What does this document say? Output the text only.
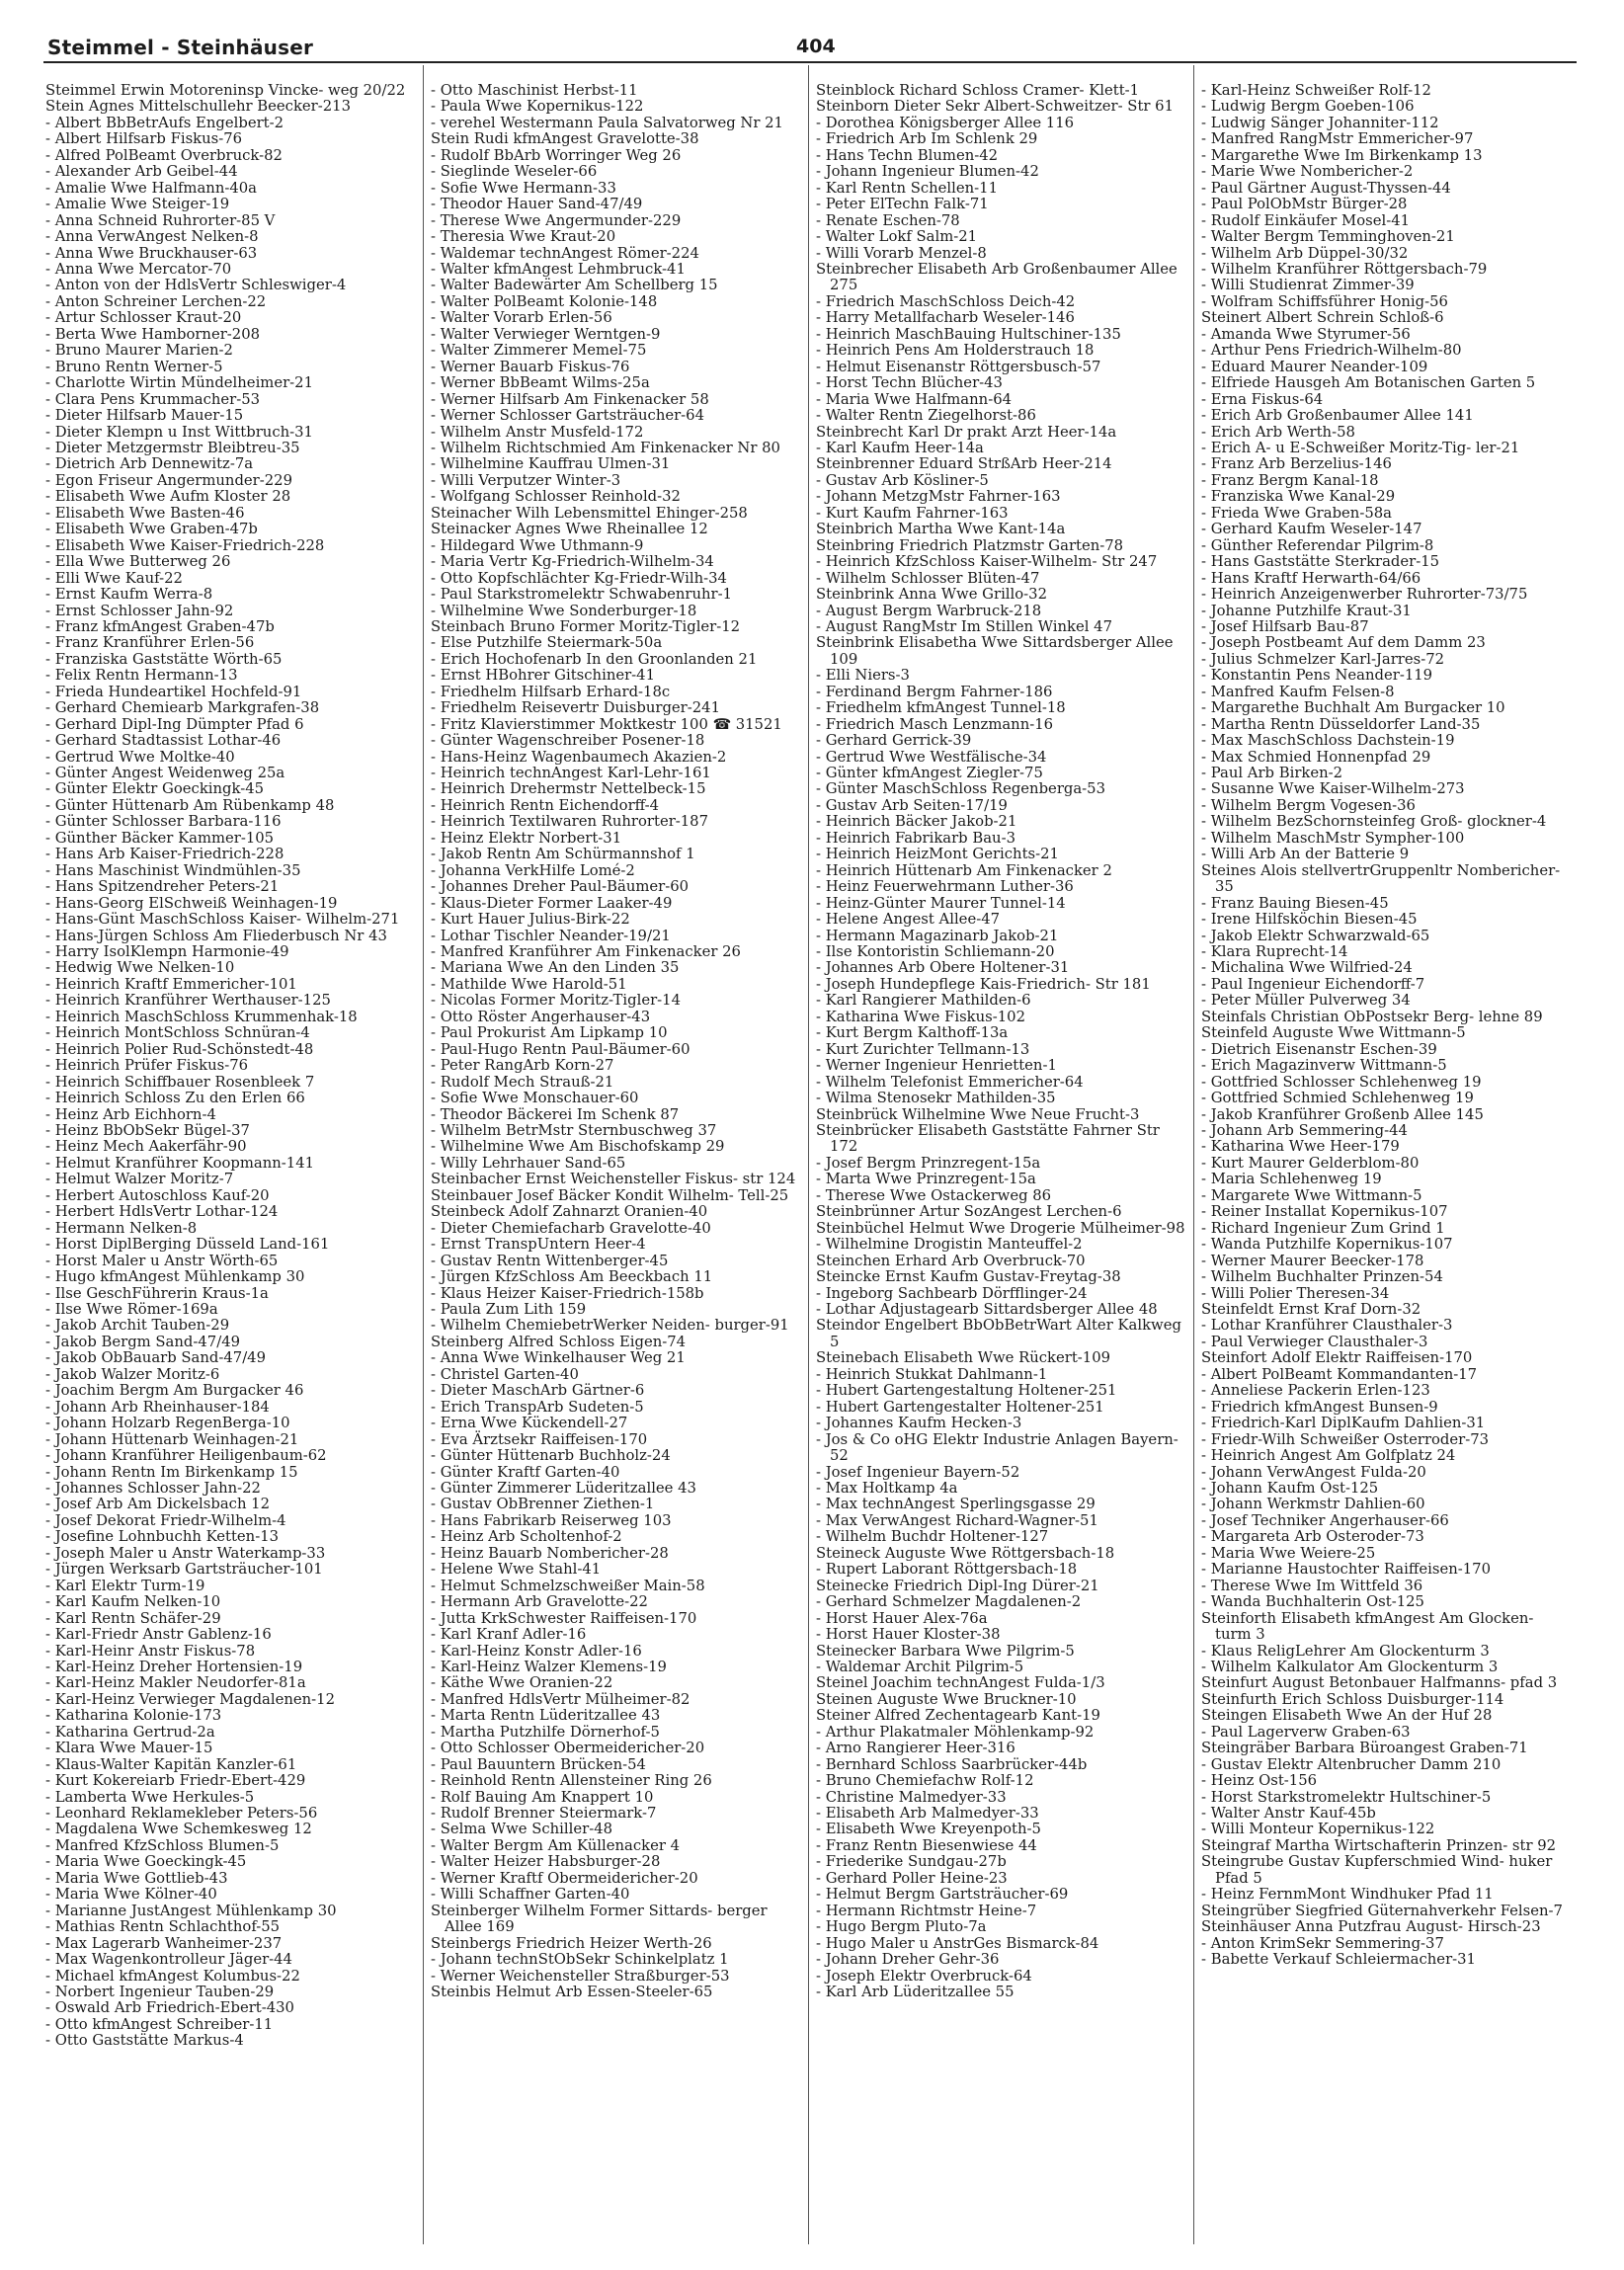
Steimmel - Steinhäuser	404
Steimmel Erwin Motoreninsp Vincke- weg 20/22
Stein Agnes Mittelschullehr Beecker-213
- Albert BbBetrAufs Engelbert-2
- Albert Hilfsarb Fiskus-76
- Alfred PolBeamt Overbruck-82
- Alexander Arb Geibel-44
- Amalie Wwe Halfmann-40a
- Amalie Wwe Steiger-19
- Anna Schneid Ruhrorter-85 V
- Anna VerwAngest Nelken-8
- Anna Wwe Bruckhauser-63
- Anna Wwe Mercator-70
- Anton von der HdlsVertr Schleswiger-4
- Anton Schreiner Lerchen-22
- Artur Schlosser Kraut-20
- Berta Wwe Hamborner-208
- Bruno Maurer Marien-2
- Bruno Rentn Werner-5
- Charlotte Wirtin Mündelheimer-21
- Clara Pens Krummacher-53
- Dieter Hilfsarb Mauer-15
- Dieter Klempn u Inst Wittbruch-31
- Dieter Metzgermstr Bleibtreu-35
- Dietrich Arb Dennewitz-7a
- Egon Friseur Angermunder-229
- Elisabeth Wwe Aufm Kloster 28
- Elisabeth Wwe Basten-46
- Elisabeth Wwe Graben-47b
- Elisabeth Wwe Kaiser-Friedrich-228
- Ella Wwe Butterweg 26
- Elli Wwe Kauf-22
- Ernst Kaufm Werra-8
- Ernst Schlosser Jahn-92
- Franz kfmAngest Graben-47b
- Franz Kranführer Erlen-56
- Franziska Gaststätte Wörth-65
- Felix Rentn Hermann-13
- Frieda Hundeartikel Hochfeld-91
- Gerhard Chemiearb Markgrafen-38
- Gerhard Dipl-Ing Dümpter Pfad 6
- Gerhard Stadtassist Lothar-46
- Gertrud Wwe Moltke-40
- Günter Angest Weidenweg 25a
- Günter Elektr Goeckingk-45
- Günter Hüttenarb Am Rübenkamp 48
- Günter Schlosser Barbara-116
- Günther Bäcker Kammer-105
- Hans Arb Kaiser-Friedrich-228
- Hans Maschinist Windmühlen-35
- Hans Spitzendreher Peters-21
- Hans-Georg ElSchweiß Weinhagen-19
- Hans-Günt MaschSchloss Kaiser- Wilhelm-271
- Hans-Jürgen Schloss Am Fliederbusch Nr 43
- Harry IsolKlempn Harmonie-49
- Hedwig Wwe Nelken-10
- Heinrich Kraftf Emmericher-101
- Heinrich Kranführer Werthauser-125
- Heinrich MaschSchloss Krummenhak-18
- Heinrich MontSchloss Schnüran-4
- Heinrich Polier Rud-Schönstedt-48
- Heinrich Prüfer Fiskus-76
- Heinrich Schiffbauer Rosenbleek 7
- Heinrich Schloss Zu den Erlen 66
- Heinz Arb Eichhorn-4
- Heinz BbObSekr Bügel-37
- Heinz Mech Aakerfähr-90
- Helmut Kranführer Koopmann-141
- Helmut Walzer Moritz-7
- Herbert Autoschloss Kauf-20
- Herbert HdlsVertr Lothar-124
- Hermann Nelken-8
- Horst DiplBerging Düsseld Land-161
- Horst Maler u Anstr Wörth-65
- Hugo kfmAngest Mühlenkamp 30
- Ilse GeschFührerin Kraus-1a
- Ilse Wwe Römer-169a
- Jakob Archit Tauben-29
- Jakob Bergm Sand-47/49
- Jakob ObBauarb Sand-47/49
- Jakob Walzer Moritz-6
- Joachim Bergm Am Burgacker 46
- Johann Arb Rheinhauser-184
- Johann Holzarb RegenBerga-10
- Johann Hüttenarb Weinhagen-21
- Johann Kranführer Heiligenbaum-62
- Johann Rentn Im Birkenkamp 15
- Johannes Schlosser Jahn-22
- Josef Arb Am Dickelsbach 12
- Josef Dekorat Friedr-Wilhelm-4
- Josefine Lohnbuchh Ketten-13
- Joseph Maler u Anstr Waterkamp-33
- Jürgen Werksarb Gartsträucher-101
- Karl Elektr Turm-19
- Karl Kaufm Nelken-10
- Karl Rentn Schäfer-29
- Karl-Friedr Anstr Gablenz-16
- Karl-Heinr Anstr Fiskus-78
- Karl-Heinz Dreher Hortensien-19
- Karl-Heinz Makler Neudorfer-81a
- Karl-Heinz Verwieger Magdalenen-12
- Katharina Kolonie-173
- Katharina Gertrud-2a
- Klara Wwe Mauer-15
- Klaus-Walter Kapitän Kanzler-61
- Kurt Kokereiarb Friedr-Ebert-429
- Lamberta Wwe Herkules-5
- Leonhard Reklamekleber Peters-56
- Magdalena Wwe Schemkesweg 12
- Manfred KfzSchloss Blumen-5
- Maria Wwe Goeckingk-45
- Maria Wwe Gottlieb-43
- Maria Wwe Kölner-40
- Marianne JustAngest Mühlenkamp 30
- Mathias Rentn Schlachthof-55
- Max Lagerarb Wanheimer-237
- Max Wagenkontrolleur Jäger-44
- Michael kfmAngest Kolumbus-22
- Norbert Ingenieur Tauben-29
- Oswald Arb Friedrich-Ebert-430
- Otto kfmAngest Schreiber-11
- Otto Gaststätte Markus-4
- Otto Maschinist Herbst-11
- Paula Wwe Kopernikus-122
- verehel Westermann Paula Salvatorweg Nr 21
Stein Rudi kfmAngest Gravelotte-38
- Rudolf BbArb Worringer Weg 26
- Sieglinde Weseler-66
- Sofie Wwe Hermann-33
- Theodor Hauer Sand-47/49
- Therese Wwe Angermunder-229
- Theresia Wwe Kraut-20
- Waldemar technAngest Römer-224
- Walter kfmAngest Lehmbruck-41
- Walter Badewärter Am Schellberg 15
- Walter PolBeamt Kolonie-148
- Walter Vorarb Erlen-56
- Walter Verwieger Werntgen-9
- Walter Zimmerer Memel-75
- Werner Bauarb Fiskus-76
- Werner BbBeamt Wilms-25a
- Werner Hilfsarb Am Finkenacker 58
- Werner Schlosser Gartsträucher-64
- Wilhelm Anstr Musfeld-172
- Wilhelm Richtschmied Am Finkenacker Nr 80
- Wilhelmine Kauffrau Ulmen-31
- Willi Verputzer Winter-3
- Wolfgang Schlosser Reinhold-32
Steinacher Wilh Lebensmittel Ehinger-258
Steinacker Agnes Wwe Rheinallee 12
- Hildegard Wwe Uthmann-9
- Maria Vertr Kg-Friedrich-Wilhelm-34
- Otto Kopfschlächter Kg-Friedr-Wilh-34
- Paul Starkstromelektr Schwabenruhr-1
- Wilhelmine Wwe Sonderburger-18
Steinbach Bruno Former Moritz-Tigler-12
- Else Putzhilfe Steiermark-50a
- Erich Hochofenarb In den Groonlanden 21
- Ernst HBohrer Gitschiner-41
- Friedhelm Hilfsarb Erhard-18c
- Friedhelm Reisevertr Duisburger-241
- Fritz Klavierstimmer Moktkestr 100 ☎ 31521
- Günter Wagenschreiber Posener-18
- Hans-Heinz Wagenbaumech Akazien-2
- Heinrich technAngest Karl-Lehr-161
- Heinrich Drehermstr Nettelbeck-15
- Heinrich Rentn Eichendorff-4
- Heinrich Textilwaren Ruhrorter-187
- Heinz Elektr Norbert-31
- Jakob Rentn Am Schürmannshof 1
- Johanna VerkHilfe Lomé-2
- Johannes Dreher Paul-Bäumer-60
- Klaus-Dieter Former Laaker-49
- Kurt Hauer Julius-Birk-22
- Lothar Tischler Neander-19/21
- Manfred Kranführer Am Finkenacker 26
- Mariana Wwe An den Linden 35
- Mathilde Wwe Harold-51
- Nicolas Former Moritz-Tigler-14
- Otto Röster Angerhauser-43
- Paul Prokurist Am Lipkamp 10
- Paul-Hugo Rentn Paul-Bäumer-60
- Peter RangArb Korn-27
- Rudolf Mech Strauß-21
- Sofie Wwe Monschauer-60
- Theodor Bäckerei Im Schenk 87
- Wilhelm BetrMstr Sternbuschweg 37
- Wilhelmine Wwe Am Bischofskamp 29
- Willy Lehrhauer Sand-65
Steinbacher Ernst Weichensteller Fiskus- str 124
Steinbauer Josef Bäcker Kondit Wilhelm- Tell-25
Steinbeck Adolf Zahnarzt Oranien-40
- Dieter Chemiefacharb Gravelotte-40
- Ernst TranspUntern Heer-4
- Gustav Rentn Wittenberger-45
- Jürgen KfzSchloss Am Beeckbach 11
- Klaus Heizer Kaiser-Friedrich-158b
- Paula Zum Lith 159
- Wilhelm ChemiebetrWerker Neiden- burger-91
Steinberg Alfred Schloss Eigen-74
- Anna Wwe Winkelhauser Weg 21
- Christel Garten-40
- Dieter MaschArb Gärtner-6
- Erich TranspArb Sudeten-5
- Erna Wwe Kückendell-27
- Eva Ärztsekr Raiffeisen-170
- Günter Hüttenarb Buchholz-24
- Günter Kraftf Garten-40
- Günter Zimmerer Lüderitzallee 43
- Gustav ObBrenner Ziethen-1
- Hans Fabrikarb Reiserweg 103
- Heinz Arb Scholtenhof-2
- Heinz Bauarb Nombericher-28
- Helene Wwe Stahl-41
- Helmut Schmelzschweißer Main-58
- Hermann Arb Gravelotte-22
- Jutta KrkSchwester Raiffeisen-170
- Karl Kranf Adler-16
- Karl-Heinz Konstr Adler-16
- Karl-Heinz Walzer Klemens-19
- Käthe Wwe Oranien-22
- Manfred HdlsVertr Mülheimer-82
- Marta Rentn Lüderitzallee 43
- Martha Putzhilfe Dörnerhof-5
- Otto Schlosser Obermeidericher-20
- Paul Bauuntern Brücken-54
- Reinhold Rentn Allensteiner Ring 26
- Rolf Bauing Am Knappert 10
- Rudolf Brenner Steiermark-7
- Selma Wwe Schiller-48
- Walter Bergm Am Küllenacker 4
- Walter Heizer Habsburger-28
- Werner Kraftf Obermeidericher-20
- Willi Schaffner Garten-40
Steinberger Wilhelm Former Sittards- berger Allee 169
Steinbergs Friedrich Heizer Werth-26
- Johann technStObSekr Schinkelplatz 1
- Werner Weichensteller Straßburger-53
Steinbis Helmut Arb Essen-Steeler-65
Steinblock Richard Schloss Cramer- Klett-1
Steinborn Dieter Sekr Albert-Schweitzer- Str 61
- Dorothea Königsberger Allee 116
- Friedrich Arb Im Schlenk 29
- Hans Techn Blumen-42
- Johann Ingenieur Blumen-42
- Karl Rentn Schellen-11
- Peter ElTechn Falk-71
- Renate Eschen-78
- Walter Lokf Salm-21
- Willi Vorarb Menzel-8
Steinbrecher Elisabeth Arb Großenbaumer Allee 275
- Friedrich MaschSchloss Deich-42
- Harry Metallfacharb Weseler-146
- Heinrich MaschBauing Hultschiner-135
- Heinrich Pens Am Holderstrauch 18
- Helmut Eisenanstr Röttgersbusch-57
- Horst Techn Blücher-43
- Maria Wwe Halfmann-64
- Walter Rentn Ziegelhorst-86
Steinbrecht Karl Dr prakt Arzt Heer-14a
- Karl Kaufm Heer-14a
Steinbrenner Eduard StrßArb Heer-214
- Gustav Arb Kösliner-5
- Johann MetzgMstr Fahrner-163
- Kurt Kaufm Fahrner-163
Steinbrich Martha Wwe Kant-14a
Steinbring Friedrich Platzmstr Garten-78
- Heinrich KfzSchloss Kaiser-Wilhelm- Str 247
- Wilhelm Schlosser Blüten-47
Steinbrink Anna Wwe Grillo-32
- August Bergm Warbruck-218
- August RangMstr Im Stillen Winkel 47
Steinbrink Elisabetha Wwe Sittardsberger Allee 109
- Elli Niers-3
- Ferdinand Bergm Fahrner-186
- Friedhelm kfmAngest Tunnel-18
- Friedrich Masch Lenzmann-16
- Gerhard Gerrick-39
- Gertrud Wwe Westfälische-34
- Günter kfmAngest Ziegler-75
- Günter MaschSchloss Regenberga-53
- Gustav Arb Seiten-17/19
- Heinrich Bäcker Jakob-21
- Heinrich Fabrikarb Bau-3
- Heinrich HeizMont Gerichts-21
- Heinrich Hüttenarb Am Finkenacker 2
- Heinz Feuerwehrmann Luther-36
- Heinz-Günter Maurer Tunnel-14
- Helene Angest Allee-47
- Hermann Magazinarb Jakob-21
- Ilse Kontoristin Schliemann-20
- Johannes Arb Obere Holtener-31
- Joseph Hundepflege Kais-Friedrich- Str 181
- Karl Rangierer Mathilden-6
- Katharina Wwe Fiskus-102
- Kurt Bergm Kalthoff-13a
- Kurt Zurichter Tellmann-13
- Werner Ingenieur Henrietten-1
- Wilhelm Telefonist Emmericher-64
- Wilma Stenosekr Mathilden-35
Steinbrück Wilhelmine Wwe Neue Frucht-3
Steinbrücker Elisabeth Gaststätte Fahrner Str 172
- Josef Bergm Prinzregent-15a
- Marta Wwe Prinzregent-15a
- Therese Wwe Ostackerweg 86
Steinbrünner Artur SozAngest Lerchen-6
Steinbüchel Helmut Wwe Drogerie Mülheimer-98
- Wilhelmine Drogistin Manteuffel-2
Steinchen Erhard Arb Overbruck-70
Steincke Ernst Kaufm Gustav-Freytag-38
- Ingeborg Sachbearb Dörfflinger-24
- Lothar Adjustagearb Sittardsberger Allee 48
Steindor Engelbert BbObBetrWart Alter Kalkweg 5
Steinebach Elisabeth Wwe Rückert-109
- Heinrich Stukkat Dahlmann-1
- Hubert Gartengestaltung Holtener-251
- Hubert Gartengestalter Holtener-251
- Johannes Kaufm Hecken-3
- Jos & Co oHG Elektr Industrie Anlagen Bayern-52
- Josef Ingenieur Bayern-52
- Max Holtkamp 4a
- Max technAngest Sperlingsgasse 29
- Max VerwAngest Richard-Wagner-51
- Wilhelm Buchdr Holtener-127
Steineck Auguste Wwe Röttgersbach-18
- Rupert Laborant Röttgersbach-18
Steinecke Friedrich Dipl-Ing Dürer-21
- Gerhard Schmelzer Magdalenen-2
- Horst Hauer Alex-76a
- Horst Hauer Kloster-38
Steinecker Barbara Wwe Pilgrim-5
- Waldemar Archit Pilgrim-5
Steinel Joachim technAngest Fulda-1/3
Steinen Auguste Wwe Bruckner-10
Steiner Alfred Zechentagearb Kant-19
- Arthur Plakatmaler Möhlenkamp-92
- Arno Rangierer Heer-316
- Bernhard Schloss Saarbrücker-44b
- Bruno Chemiefachw Rolf-12
- Christine Malmedyer-33
- Elisabeth Arb Malmedyer-33
- Elisabeth Wwe Kreyenpoth-5
- Franz Rentn Biesenwiese 44
- Friederike Sundgau-27b
- Gerhard Poller Heine-23
- Helmut Bergm Gartsträucher-69
- Hermann Richtmstr Heine-7
- Hugo Bergm Pluto-7a
- Hugo Maler u AnstrGes Bismarck-84
- Johann Dreher Gehr-36
- Joseph Elektr Overbruck-64
- Karl Arb Lüderitzallee 55
- Karl-Heinz Schweißer Rolf-12
- Ludwig Bergm Goeben-106
- Ludwig Sänger Johanniter-112
- Manfred RangMstr Emmericher-97
- Margarethe Wwe Im Birkenkamp 13
- Marie Wwe Nombericher-2
- Paul Gärtner August-Thyssen-44
- Paul PolObMstr Bürger-28
- Rudolf Einkäufer Mosel-41
- Walter Bergm Temminghoven-21
- Wilhelm Arb Düppel-30/32
- Wilhelm Kranführer Röttgersbach-79
- Willi Studienrat Zimmer-39
- Wolfram Schiffsführer Honig-56
Steinert Albert Schrein Schloß-6
- Amanda Wwe Styrumer-56
- Arthur Pens Friedrich-Wilhelm-80
- Eduard Maurer Neander-109
- Elfriede Hausgeh Am Botanischen Garten 5
- Erna Fiskus-64
- Erich Arb Großenbaumer Allee 141
- Erich Arb Werth-58
- Erich A- u E-Schweißer Moritz-Tig- ler-21
- Franz Arb Berzelius-146
- Franz Bergm Kanal-18
- Franziska Wwe Kanal-29
- Frieda Wwe Graben-58a
- Gerhard Kaufm Weseler-147
- Günther Referendar Pilgrim-8
- Hans Gaststätte Sterkrader-15
- Hans Kraftf Herwarth-64/66
- Heinrich Anzeigenwerber Ruhrorter-73/75
- Johanne Putzhilfe Kraut-31
- Josef Hilfsarb Bau-87
- Joseph Postbeamt Auf dem Damm 23
- Julius Schmelzer Karl-Jarres-72
- Konstantin Pens Neander-119
- Manfred Kaufm Felsen-8
- Margarethe Buchhalt Am Burgacker 10
- Martha Rentn Düsseldorfer Land-35
- Max MaschSchloss Dachstein-19
- Max Schmied Honnenpfad 29
- Paul Arb Birken-2
- Susanne Wwe Kaiser-Wilhelm-273
- Wilhelm Bergm Vogesen-36
- Wilhelm BezSchornsteinfeg Groß- glockner-4
- Wilhelm MaschMstr Sympher-100
- Willi Arb An der Batterie 9
Steines Alois stellvertrGruppenltr Nombericher-35
- Franz Bauing Biesen-45
- Irene Hilfsköchin Biesen-45
- Jakob Elektr Schwarzwald-65
- Klara Ruprecht-14
- Michalina Wwe Wilfried-24
- Paul Ingenieur Eichendorff-7
- Peter Müller Pulverweg 34
Steinfals Christian ObPostsekr Berg- lehne 89
Steinfeld Auguste Wwe Wittmann-5
- Dietrich Eisenanstr Eschen-39
- Erich Magazinverw Wittmann-5
- Gottfried Schlosser Schlehenweg 19
- Gottfried Schmied Schlehenweg 19
- Jakob Kranführer Großenb Allee 145
- Johann Arb Semmering-44
- Katharina Wwe Heer-179
- Kurt Maurer Gelderblom-80
- Maria Schlehenweg 19
- Margarete Wwe Wittmann-5
- Reiner Installat Kopernikus-107
- Richard Ingenieur Zum Grind 1
- Wanda Putzhilfe Kopernikus-107
- Werner Maurer Beecker-178
- Wilhelm Buchhalter Prinzen-54
- Willi Polier Theresen-34
Steinfeldt Ernst Kraf Dorn-32
- Lothar Kranführer Clausthaler-3
- Paul Verwieger Clausthaler-3
Steinfort Adolf Elektr Raiffeisen-170
- Albert PolBeamt Kommandanten-17
- Anneliese Packerin Erlen-123
- Friedrich kfmAngest Bunsen-9
- Friedrich-Karl DiplKaufm Dahlien-31
- Friedr-Wilh Schweißer Osterroder-73
- Heinrich Angest Am Golfplatz 24
- Johann VerwAngest Fulda-20
- Johann Kaufm Ost-125
- Johann Werkmstr Dahlien-60
- Josef Techniker Angerhauser-66
- Margareta Arb Osteroder-73
- Maria Wwe Weiere-25
- Marianne Haustochter Raiffeisen-170
- Therese Wwe Im Wittfeld 36
- Wanda Buchhalterin Ost-125
Steinforth Elisabeth kfmAngest Am Glocken- turm 3
- Klaus ReligLehrer Am Glockenturm 3
- Wilhelm Kalkulator Am Glockenturm 3
Steinfurt August Betonbauer Halfmanns- pfad 3
Steinfurth Erich Schloss Duisburger-114
Steingen Elisabeth Wwe An der Huf 28
- Paul Lagerverw Graben-63
Steingräber Barbara Büroangest Graben-71
- Gustav Elektr Altenbrucher Damm 210
- Heinz Ost-156
- Horst Starkstromelektr Hultschiner-5
- Walter Anstr Kauf-45b
- Willi Monteur Kopernikus-122
Steingraf Martha Wirtschafterin Prinzen- str 92
Steingrube Gustav Kupferschmied Wind- huker Pfad 5
- Heinz FernmMont Windhuker Pfad 11
Steingrüber Siegfried Güternahverkehr Felsen-7
Steinhäuser Anna Putzfrau August- Hirsch-23
- Anton KrimSekr Semmering-37
- Babette Verkauf Schleiermacher-31
